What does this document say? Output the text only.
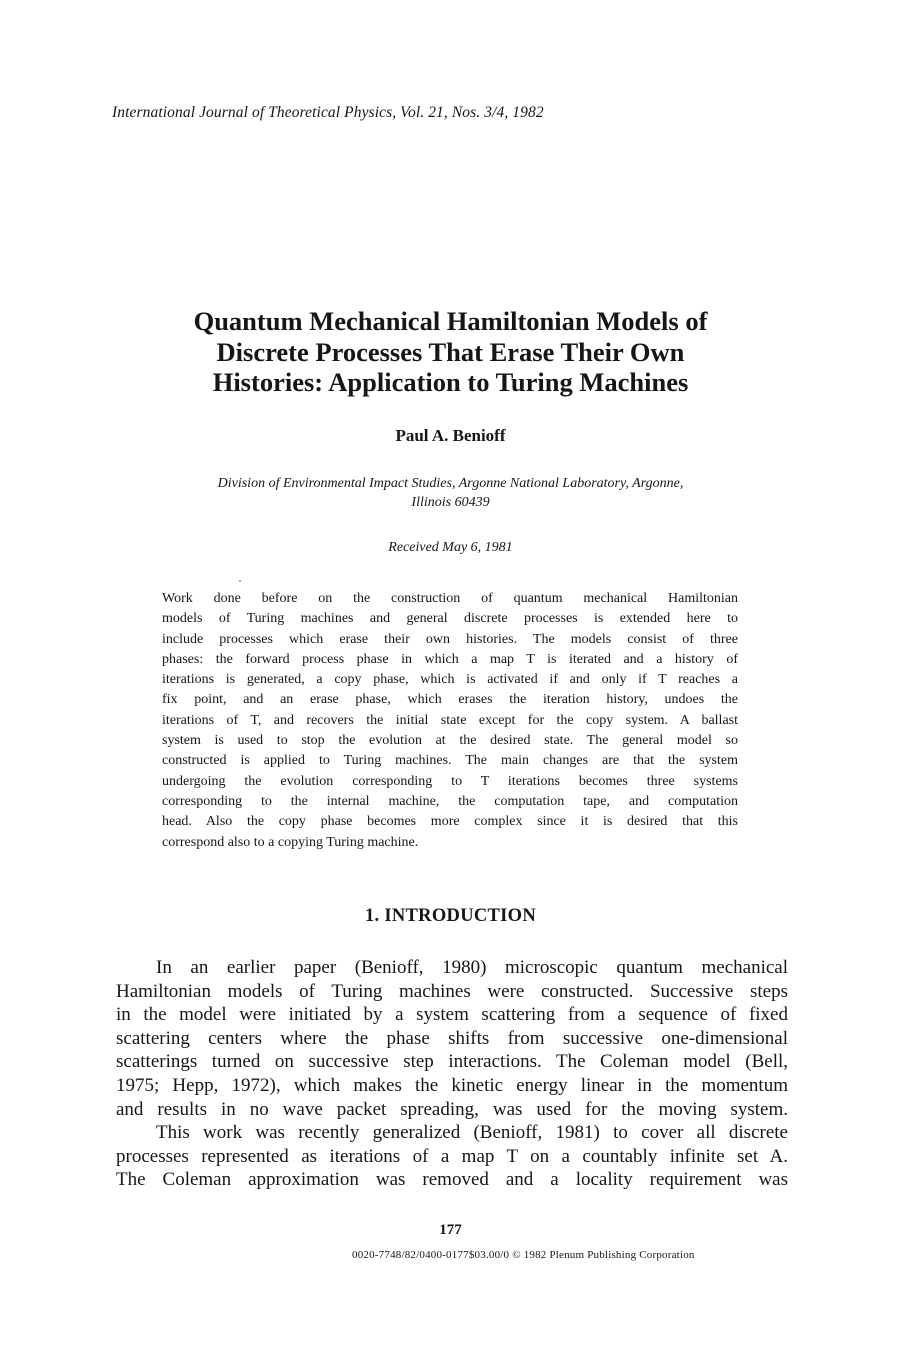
International Journal of Theoretical Physics, Vol. 21, Nos. 3/4, 1982
Quantum Mechanical Hamiltonian Models of
Discrete Processes That Erase Their Own
Histories: Application to Turing Machines
Paul A. Benioff
Division of Environmental Impact Studies, Argonne National Laboratory, Argonne,
Illinois 60439
Received May 6, 1981
Work done before on the construction of quantum mechanical Hamiltonian
models of Turing machines and general discrete processes is extended here to
include processes which erase their own histories. The models consist of three
phases: the forward process phase in which a map T is iterated and a history of
iterations is generated, a copy phase, which is activated if and only if T reaches a
fix point, and an erase phase, which erases the iteration history, undoes the
iterations of T, and recovers the initial state except for the copy system. A ballast
system is used to stop the evolution at the desired state. The general model so
constructed is applied to Turing machines. The main changes are that the system
undergoing the evolution corresponding to T iterations becomes three systems
corresponding to the internal machine, the computation tape, and computation
head. Also the copy phase becomes more complex since it is desired that this
correspond also to a copying Turing machine.
1. INTRODUCTION
In an earlier paper (Benioff, 1980) microscopic quantum mechanical
Hamiltonian models of Turing machines were constructed. Successive steps
in the model were initiated by a system scattering from a sequence of fixed
scattering centers where the phase shifts from successive one-dimensional
scatterings turned on successive step interactions. The Coleman model (Bell,
1975; Hepp, 1972), which makes the kinetic energy linear in the momentum
and results in no wave packet spreading, was used for the moving system.
This work was recently generalized (Benioff, 1981) to cover all discrete
processes represented as iterations of a map T on a countably infinite set A.
The Coleman approximation was removed and a locality requirement was
177
0020-7748/82/0400-0177$03.00/0 © 1982 Plenum Publishing Corporation
